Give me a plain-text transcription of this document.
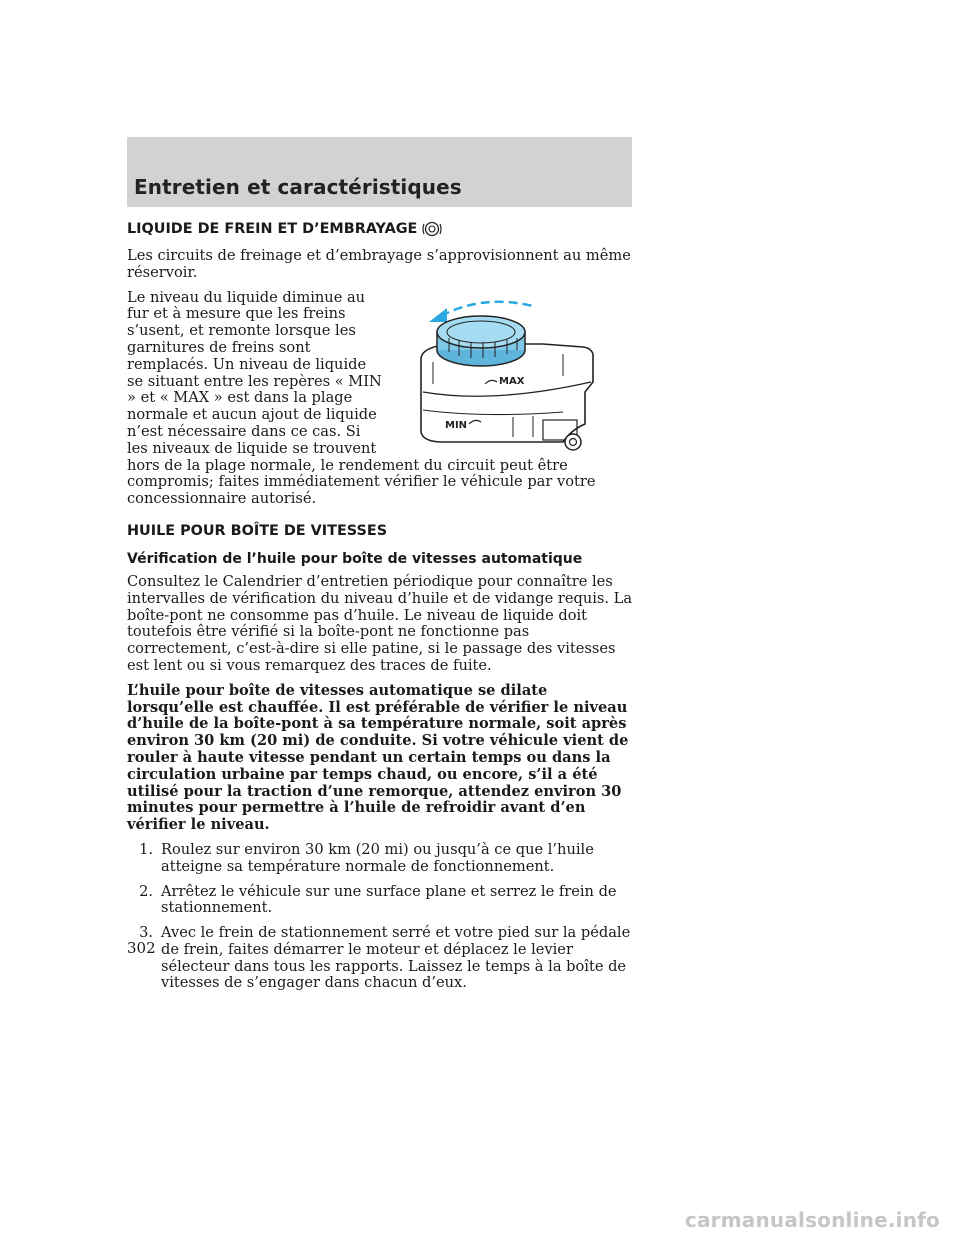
Entretien et caractéristiques
LIQUIDE DE FREIN ET D’EMBRAYAGE

Les circuits de freinage et d’embrayage s’approvisionnent au même réservoir.

MAX
MIN

Le niveau du liquide diminue au fur et à mesure que les freins s’usent, et remonte lorsque les garnitures de freins sont remplacés. Un niveau de liquide se situant entre les repères « MIN » et « MAX » est dans la plage normale et aucun ajout de liquide n’est nécessaire dans ce cas. Si les niveaux de liquide se trouvent hors de la plage normale, le rendement du circuit peut être compromis; faites immédiatement vérifier le véhicule par votre concessionnaire autorisé.

HUILE POUR BOÎTE DE VITESSES
Vérification de l’huile pour boîte de vitesses automatique

Consultez le Calendrier d’entretien périodique pour connaître les intervalles de vérification du niveau d’huile et de vidange requis. La boîte-pont ne consomme pas d’huile. Le niveau de liquide doit toutefois être vérifié si la boîte-pont ne fonctionne pas correctement, c’est-à-dire si elle patine, si le passage des vitesses est lent ou si vous remarquez des traces de fuite.

L’huile pour boîte de vitesses automatique se dilate lorsqu’elle est chauffée. Il est préférable de vérifier le niveau d’huile de la boîte-pont à sa température normale, soit après environ 30 km (20 mi) de conduite. Si votre véhicule vient de rouler à haute vitesse pendant un certain temps ou dans la circulation urbaine par temps chaud, ou encore, s’il a été utilisé pour la traction d’une remorque, attendez environ 30 minutes pour permettre à l’huile de refroidir avant d’en vérifier le niveau.

1. Roulez sur environ 30 km (20 mi) ou jusqu’à ce que l’huile atteigne sa température normale de fonctionnement.
2. Arrêtez le véhicule sur une surface plane et serrez le frein de stationnement.
3. Avec le frein de stationnement serré et votre pied sur la pédale de frein, faites démarrer le moteur et déplacez le levier sélecteur dans tous les rapports. Laissez le temps à la boîte de vitesses de s’engager dans chacun d’eux.
302
carmanualsonline.info
